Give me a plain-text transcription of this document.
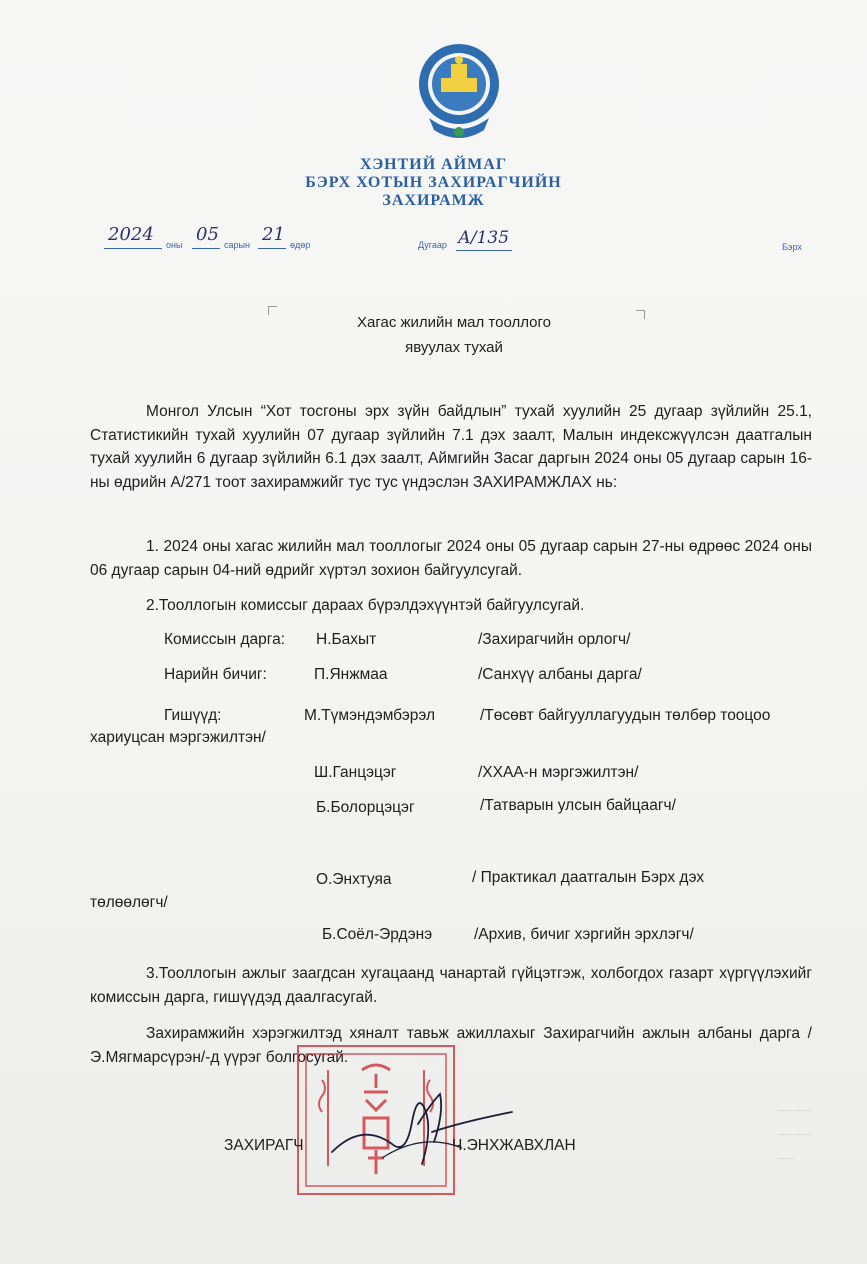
ХЭНТИЙ АЙМАГ
БЭРХ ХОТЫН ЗАХИРАГЧИЙН
ЗАХИРАМЖ
2024 оны 05 сарын 21 өдөр	Дугаар А/135	Бэрх
Хагас жилийн мал тооллого
явуулах тухай
Монгол Улсын “Хот тосгоны эрх зүйн байдлын” тухай хуулийн 25 дугаар зүйлийн 25.1, Статистикийн тухай хуулийн 07 дугаар зүйлийн 7.1 дэх заалт, Малын индексжүүлсэн даатгалын тухай хуулийн 6 дугаар зүйлийн 6.1 дэх заалт, Аймгийн Засаг даргын 2024 оны 05 дугаар сарын 16-ны өдрийн А/271 тоот захирамжийг тус тус үндэслэн ЗАХИРАМЖЛАХ нь:
1. 2024 оны хагас жилийн мал тооллогыг 2024 оны 05 дугаар сарын 27-ны өдрөөс 2024 оны 06 дугаар сарын 04-ний өдрийг хүртэл зохион байгуулсугай.
2.Тооллогын комиссыг дараах бүрэлдэхүүнтэй байгуулсугай.
Комиссын дарга: Н.Бахыт	/Захирагчийн орлогч/
Нарийн бичиг:	П.Янжмаа	/Санхүү албаны дарга/
Гишүүд:	М.Түмэндэмбэрэл	/Төсөвт байгууллагуудын төлбөр тооцоо
хариуцсан мэргэжилтэн/
Ш.Ганцэцэг	/ХХАА-н мэргэжилтэн/
Б.Болорцэцэг	/Татварын улсын байцаагч/
О.Энхтуяа	/ Практикал даатгалын Бэрх дэх
төлөөлөгч/
Б.Соёл-Эрдэнэ	/Архив, бичиг хэргийн эрхлэгч/
3.Тооллогын ажлыг заагдсан хугацаанд чанартай гүйцэтгэж, холбогдох газарт хүргүүлэхийг комиссын дарга, гишүүдэд даалгасугай.
Захирамжийн хэрэгжилтэд хяналт тавьж ажиллахыг Захирагчийн ажлын албаны дарга /Э.Мягмарсүрэн/-д үүрэг болгосугай.
—— ——
—— ——
——
ЗАХИРАГЧ	Ч.ЭНХЖАВХЛАН
